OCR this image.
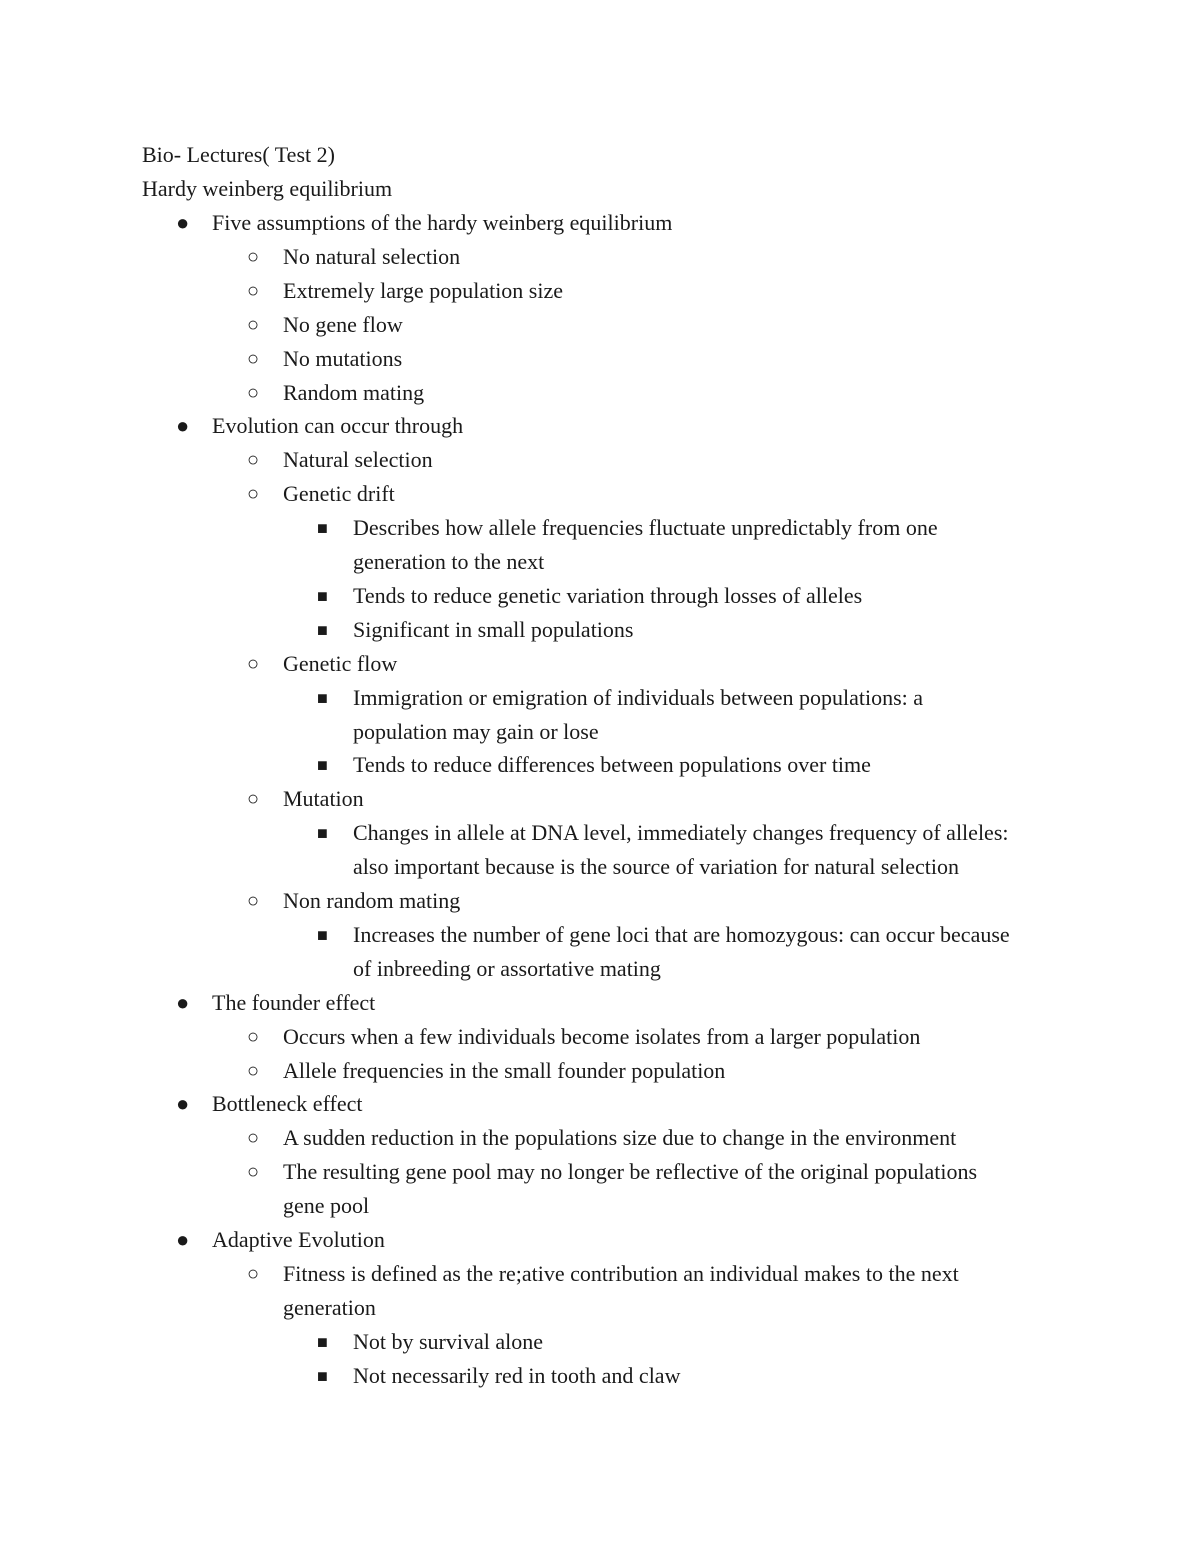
Bio- Lectures( Test 2)
Hardy weinberg equilibrium
● Five assumptions of the hardy weinberg equilibrium
○ No natural selection
○ Extremely large population size
○ No gene flow
○ No mutations
○ Random mating
● Evolution can occur through
○ Natural selection
○ Genetic drift
■ Describes how allele frequencies fluctuate unpredictably from one
generation to the next
■ Tends to reduce genetic variation through losses of alleles
■ Significant in small populations
○ Genetic flow
■ Immigration or emigration of individuals between populations: a
population may gain or lose
■ Tends to reduce differences between populations over time
○ Mutation
■ Changes in allele at DNA level, immediately changes frequency of alleles:
also important because is the source of variation for natural selection
○ Non random mating
■ Increases the number of gene loci that are homozygous: can occur because
of inbreeding or assortative mating
● The founder effect
○ Occurs when a few individuals become isolates from a larger population
○ Allele frequencies in the small founder population
● Bottleneck effect
○ A sudden reduction in the populations size due to change in the environment
○ The resulting gene pool may no longer be reflective of the original populations
gene pool
● Adaptive Evolution
○ Fitness is defined as the re;ative contribution an individual makes to the next
generation
■ Not by survival alone
■ Not necessarily red in tooth and claw
